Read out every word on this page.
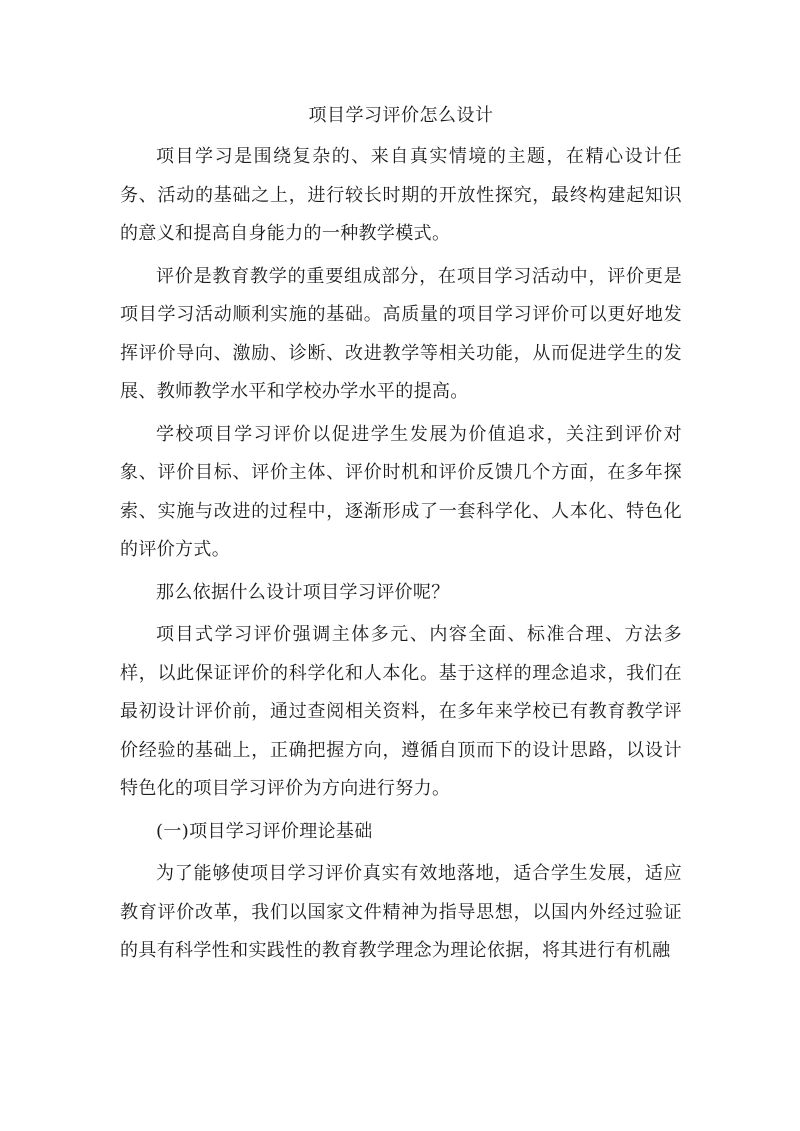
项目学习评价怎么设计

项目学习是围绕复杂的、来自真实情境的主题，在精心设计任务、活动的基础之上，进行较长时期的开放性探究，最终构建起知识的意义和提高自身能力的一种教学模式。

评价是教育教学的重要组成部分，在项目学习活动中，评价更是项目学习活动顺利实施的基础。高质量的项目学习评价可以更好地发挥评价导向、激励、诊断、改进教学等相关功能，从而促进学生的发展、教师教学水平和学校办学水平的提高。

学校项目学习评价以促进学生发展为价值追求，关注到评价对象、评价目标、评价主体、评价时机和评价反馈几个方面，在多年探索、实施与改进的过程中，逐渐形成了一套科学化、人本化、特色化的评价方式。

那么依据什么设计项目学习评价呢？

项目式学习评价强调主体多元、内容全面、标准合理、方法多样，以此保证评价的科学化和人本化。基于这样的理念追求，我们在最初设计评价前，通过查阅相关资料，在多年来学校已有教育教学评价经验的基础上，正确把握方向，遵循自顶而下的设计思路，以设计特色化的项目学习评价为方向进行努力。

(一)项目学习评价理论基础

为了能够使项目学习评价真实有效地落地，适合学生发展，适应教育评价改革，我们以国家文件精神为指导思想，以国内外经过验证的具有科学性和实践性的教育教学理念为理论依据，将其进行有机融
